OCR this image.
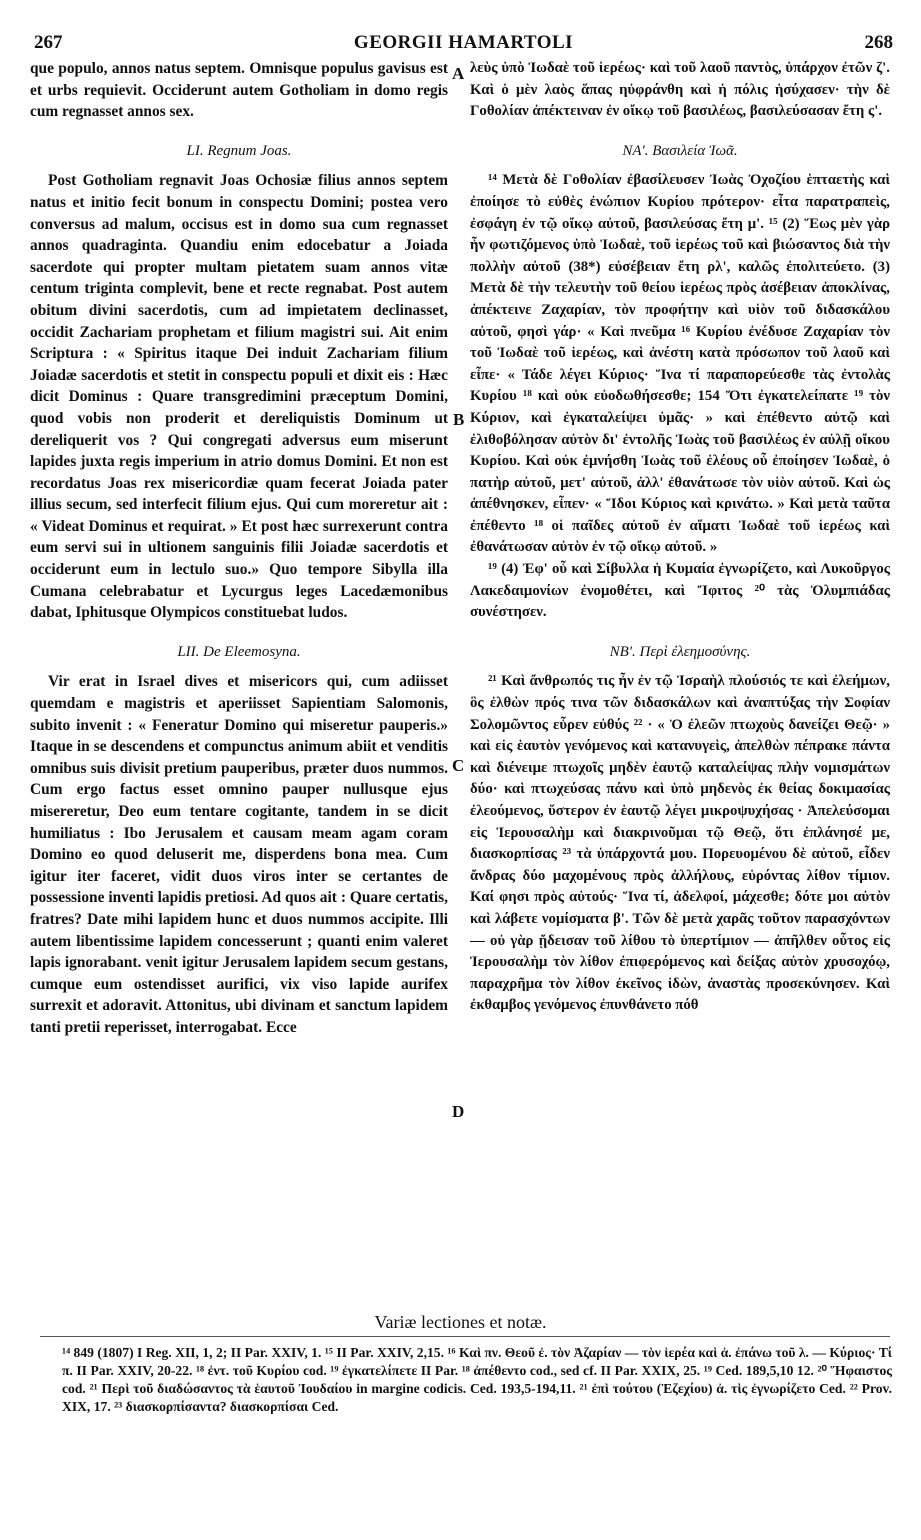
267	GEORGII HAMARTOLI	268

que populo, annos natus septem. Omnisque populus gavisus est et urbs requievit. Occiderunt autem Gotholiam in domo regis cum regnasset annos sex.

LI. Regnum Joas.

Post Gotholiam regnavit Joas Ochosiæ filius annos septem natus et initio fecit bonum in conspectu Domini; postea vero conversus ad malum, occisus est in domo sua cum regnasset annos quadraginta. Quandiu enim edocebatur a Joiada sacerdote qui propter multam pietatem suam annos vitæ centum triginta complevit, bene et recte regnabat. Post autem obitum divini sacerdotis, cum ad impietatem declinasset, occidit Zachariam prophetam et filium magistri sui. Ait enim Scriptura : « Spiritus itaque Dei induit Zachariam filium Joiadæ sacerdotis et stetit in conspectu populi et dixit eis : Hæc dicit Dominus : Quare transgredimini præceptum Domini, quod vobis non proderit et dereliquistis Dominum ut dereliquerit vos ? Qui congregati adversus eum miserunt lapides juxta regis imperium in atrio domus Domini. Et non est recordatus Joas rex misericordiæ quam fecerat Joiada pater illius secum, sed interfecit filium ejus. Qui cum moreretur ait : « Videat Dominus et requirat. » Et post hæc surrexerunt contra eum servi sui in ultionem sanguinis filii Joiadæ sacerdotis et occiderunt eum in lectulo suo.» Quo tempore Sibylla illa Cumana celebrabatur et Lycurgus leges Lacedæmonibus dabat, Iphitusque Olympicos constituebat ludos.

LII. De Eleemosyna.

Vir erat in Israel dives et misericors qui, cum adiisset quemdam e magistris et aperiisset Sapientiam Salomonis, subito invenit : « Feneratur Domino qui miseretur pauperis.» Itaque in se descendens et compunctus animum abiit et venditis omnibus suis divisit pretium pauperibus, præter duos nummos. Cum ergo factus esset omnino pauper nullusque ejus misereretur, Deo eum tentare cogitante, tandem in se dicit humiliatus : Ibo Jerusalem et causam meam agam coram Domino eo quod deluserit me, disperdens bona mea. Cum igitur iter faceret, vidit duos viros inter se certantes de possessione inventi lapidis pretiosi. Ad quos ait : Quare certatis, fratres? Date mihi lapidem hunc et duos nummos accipite. Illi autem libentissime lapidem concesserunt ; quanti enim valeret lapis ignorabant. venit igitur Jerusalem lapidem secum gestans, cumque eum ostendisset aurifici, vix viso lapide aurifex surrexit et adoravit. Attonitus, ubi divinam et sanctum lapidem tanti pretii reperisset, interrogabat. Ecce

λεὺς ὑπὸ Ἰωδαὲ τοῦ ἱερέως· καὶ τοῦ λαοῦ παντὸς, ὑπάρχον ἐτῶν ζ'. Καὶ ὁ μὲν λαὸς ἅπας ηὐφράνθη καὶ ἡ πόλις ἡσύχασεν· τὴν δὲ Γοθολίαν ἀπέκτειναν ἐν οἴκῳ τοῦ βασιλέως, βασιλεύσασαν ἔτη ς'.

ΝΑ'. Βασιλεία Ἰωᾶ.

¹⁴ Μετὰ δὲ Γοθολίαν ἐβασίλευσεν Ἰωὰς Ὀχοζίου ἑπταετὴς καὶ ἐποίησε τὸ εὐθὲς ἐνώπιον Κυρίου πρότερον· εἶτα παρατραπεὶς, ἐσφάγη ἐν τῷ οἴκῳ αὐτοῦ, βασιλεύσας ἔτη μ'. ¹⁵ (2) Ἕως μὲν γὰρ ἦν φωτιζόμενος ὑπὸ Ἰωδαὲ, τοῦ ἱερέως τοῦ καὶ βιώσαντος διὰ τὴν πολλὴν αὐτοῦ (38*) εὐσέβειαν ἔτη ρλ', καλῶς ἐπολιτεύετο. (3) Μετὰ δὲ τὴν τελευτὴν τοῦ θείου ἱερέως πρὸς ἀσέβειαν ἀποκλίνας, ἀπέκτεινε Ζαχαρίαν, τὸν προφήτην καὶ υἱὸν τοῦ διδασκάλου αὐτοῦ, φησὶ γάρ· « Καὶ πνεῦμα ¹⁶ Κυρίου ἐνέδυσε Ζαχαρίαν τὸν τοῦ Ἰωδαὲ τοῦ ἱερέως, καὶ ἀνέστη κατὰ πρόσωπον τοῦ λαοῦ καὶ εἶπε· « Τάδε λέγει Κύριος· Ἵνα τί παραπορεύεσθε τὰς ἐντολὰς Κυρίου ¹⁸ καὶ οὐκ εὐοδωθήσεσθε; 154 Ὅτι ἐγκατελείπατε ¹⁹ τὸν Κύριον, καὶ ἐγκαταλείψει ὑμᾶς· » καὶ ἐπέθεντο αὐτῷ καὶ ἐλιθοβόλησαν αὐτὸν δι' ἐντολῆς Ἰωὰς τοῦ βασιλέως ἐν αὐλῇ οἴκου Κυρίου. Καὶ οὐκ ἐμνήσθη Ἰωὰς τοῦ ἐλέους οὗ ἐποίησεν Ἰωδαὲ, ὁ πατὴρ αὐτοῦ, μετ' αὐτοῦ, ἀλλ' ἐθανάτωσε τὸν υἱὸν αὐτοῦ. Καὶ ὡς ἀπέθνησκεν, εἶπεν· « Ἴδοι Κύριος καὶ κρινάτω. » Καὶ μετὰ ταῦτα ἐπέθεντο ¹⁸ οἱ παῖδες αὐτοῦ ἐν αἵματι Ἰωδαὲ τοῦ ἱερέως καὶ ἐθανάτωσαν αὐτὸν ἐν τῷ οἴκῳ αὐτοῦ. »

¹⁹ (4) Ἐφ' οὗ καὶ Σίβυλλα ἡ Κυμαία ἐγνωρίζετο, καὶ Λυκοῦργος Λακεδαιμονίων ἐνομοθέτει, καὶ Ἴφιτος ²⁰ τὰς Ὀλυμπιάδας συνέστησεν.

ΝΒ'. Περὶ ἐλεημοσύνης.

²¹ Καὶ ἄνθρωπός τις ἦν ἐν τῷ Ἰσραὴλ πλούσιός τε καὶ ἐλεήμων, ὃς ἐλθὼν πρός τινα τῶν διδασκάλων καὶ ἀναπτύξας τὴν Σοφίαν Σολομῶντος εὗρεν εὐθύς ²² · « Ὁ ἐλεῶν πτωχοὺς δανείζει Θεῷ· » καὶ εἰς ἑαυτὸν γενόμενος καὶ κατανυγεὶς, ἀπελθὼν πέπρακε πάντα καὶ διένειμε πτωχοῖς μηδὲν ἑαυτῷ καταλείψας πλὴν νομισμάτων δύο· καὶ πτωχεύσας πάνυ καὶ ὑπὸ μηδενὸς ἐκ θείας δοκιμασίας ἐλεούμενος, ὕστερον ἐν ἑαυτῷ λέγει μικροψυχήσας · Ἀπελεύσομαι εἰς Ἱερουσαλὴμ καὶ διακρινοῦμαι τῷ Θεῷ, ὅτι ἐπλάνησέ με, διασκορπίσας ²³ τὰ ὑπάρχοντά μου. Πορευομένου δὲ αὐτοῦ, εἶδεν ἄνδρας δύο μαχομένους πρὸς ἀλλήλους, εὑρόντας λίθον τίμιον. Καί φησι πρὸς αὐτούς· Ἵνα τί, ἀδελφοί, μάχεσθε; δότε μοι αὐτὸν καὶ λάβετε νομίσματα β'. Τῶν δὲ μετὰ χαρᾶς τοῦτον παρασχόντων — οὐ γὰρ ᾔδεισαν τοῦ λίθου τὸ ὑπερτίμιον — ἀπῆλθεν οὗτος εἰς Ἱερουσαλὴμ τὸν λίθον ἐπιφερόμενος καὶ δείξας αὐτὸν χρυσοχόῳ, παραχρῆμα τὸν λίθον ἐκεῖνος ἰδὼν, ἀναστὰς προσεκύνησεν. Καὶ ἐκθαμβος γενόμενος ἐπυνθάνετο πόθ

A
B
C
D
Variæ lectiones et notæ.

¹⁴ 849 (1807) I Reg. XII, 1, 2; II Par. XXIV, 1. ¹⁵ II Par. XXIV, 2,15. ¹⁶ Καὶ πν. Θεοῦ ἐ. τὸν Ἀζαρίαν — τὸν ἱερέα καὶ ἀ. ἐπάνω τοῦ λ. — Κύριος· Τί π. II Par. XXIV, 20-22. ¹⁸ ἐντ. τοῦ Κυρίου cod. ¹⁹ ἐγκατελίπετε II Par. ¹⁸ ἀπέθεντο cod., sed cf. II Par. XXIX, 25. ¹⁹ Ced. 189,5,10 12. ²⁰ Ἥφαιστος cod. ²¹ Περὶ τοῦ διαδώσαντος τὰ ἑαυτοῦ Ἰουδαίου in margine codicis. Ced. 193,5-194,11. ²¹ ἐπὶ τούτου (Ἐζεχίου) ἀ. τὶς ἐγνωρίζετο Ced. ²² Prov. XIX, 17. ²³ διασκορπίσαντα? διασκορπίσαι Ced.
